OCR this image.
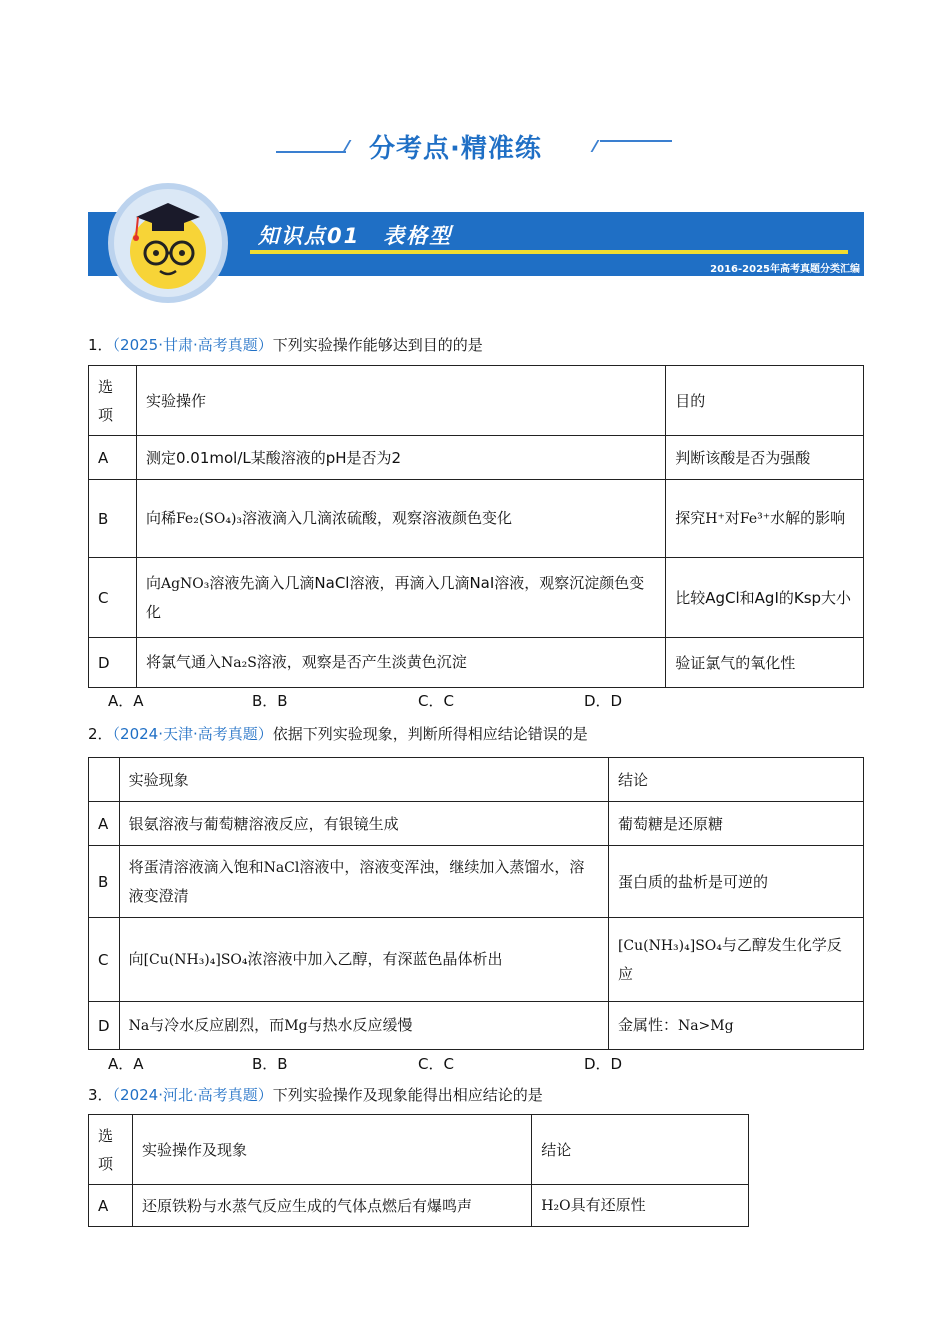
分考点·精准练
知识点01　表格型
2016-2025年高考真题分类汇编
1．（2025·甘肃·高考真题）下列实验操作能够达到目的的是
选项	实验操作	目的
A	测定0.01mol/L某酸溶液的pH是否为2	判断该酸是否为强酸
B	向稀Fe₂(SO₄)₃溶液滴入几滴浓硫酸，观察溶液颜色变化	探究H⁺对Fe³⁺水解的影响
C	向AgNO₃溶液先滴入几滴NaCl溶液，再滴入几滴NaI溶液，观察沉淀颜色变化	比较AgCl和AgI的Ksp大小
D	将氯气通入Na₂S溶液，观察是否产生淡黄色沉淀	验证氯气的氧化性
A．A	B．B	C．C	D．D
2．（2024·天津·高考真题）依据下列实验现象，判断所得相应结论错误的是
	实验现象	结论
A	银氨溶液与葡萄糖溶液反应，有银镜生成	葡萄糖是还原糖
B	将蛋清溶液滴入饱和NaCl溶液中，溶液变浑浊，继续加入蒸馏水，溶液变澄清	蛋白质的盐析是可逆的
C	向[Cu(NH₃)₄]SO₄浓溶液中加入乙醇，有深蓝色晶体析出	[Cu(NH₃)₄]SO₄与乙醇发生化学反应
D	Na与冷水反应剧烈，而Mg与热水反应缓慢	金属性：Na>Mg
A．A	B．B	C．C	D．D
3．（2024·河北·高考真题）下列实验操作及现象能得出相应结论的是
选项	实验操作及现象	结论
A	还原铁粉与水蒸气反应生成的气体点燃后有爆鸣声	H₂O具有还原性
